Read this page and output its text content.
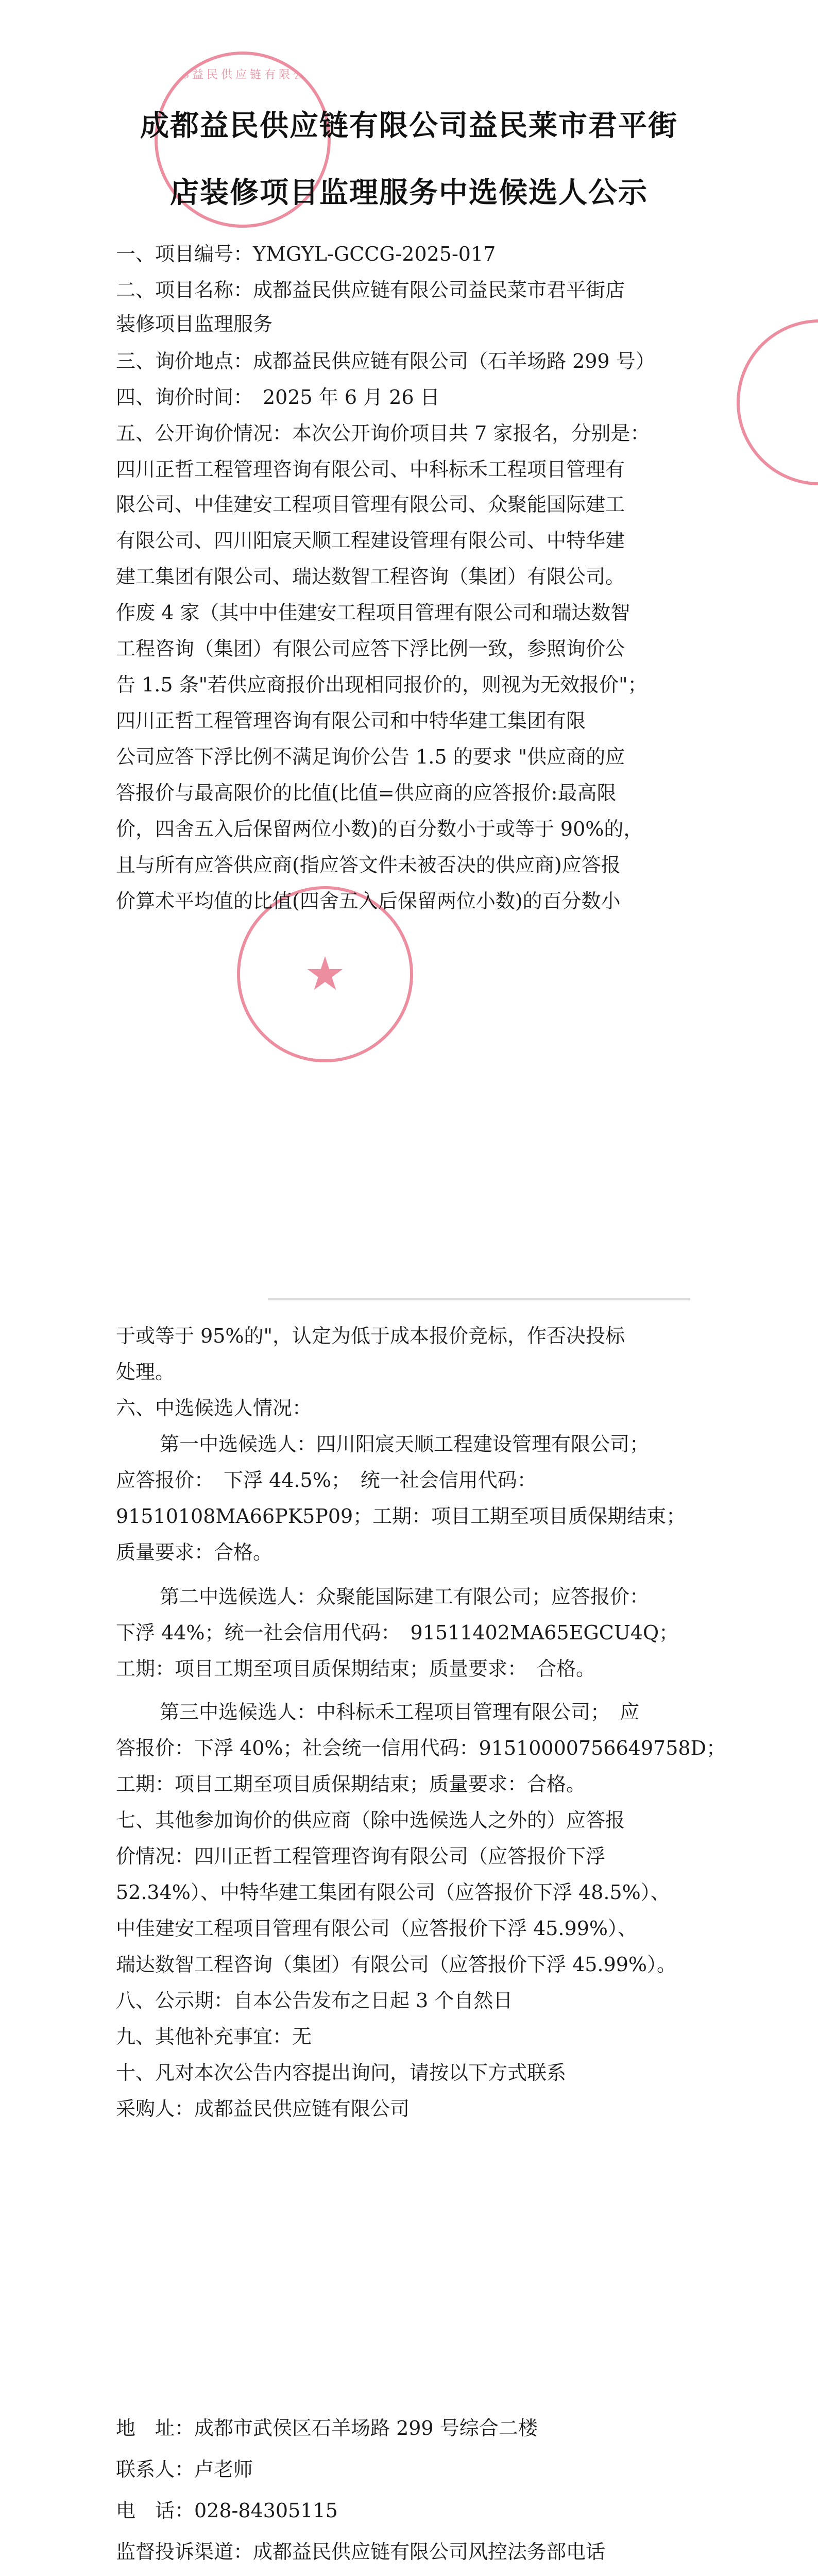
成都益民供应链有限公司
★
成都益民供应链有限公司益民莱市君平街
店装修项目监理服务中选候选人公示
一、项目编号：YMGYL-GCCG-2025-017
二、项目名称：成都益民供应链有限公司益民菜市君平街店
装修项目监理服务
三、询价地点：成都益民供应链有限公司（石羊场路 299 号）
四、询价时间：　2025 年 6 月 26 日
五、公开询价情况：本次公开询价项目共 7 家报名，分别是：
四川正哲工程管理咨询有限公司、中科标禾工程项目管理有
限公司、中佳建安工程项目管理有限公司、众聚能国际建工
有限公司、四川阳宸天顺工程建设管理有限公司、中特华建
建工集团有限公司、瑞达数智工程咨询（集团）有限公司。
作废 4 家（其中中佳建安工程项目管理有限公司和瑞达数智
工程咨询（集团）有限公司应答下浮比例一致，参照询价公
告 1.5 条"若供应商报价出现相同报价的，则视为无效报价"；
四川正哲工程管理咨询有限公司和中特华建工集团有限
公司应答下浮比例不满足询价公告 1.5 的要求 "供应商的应
答报价与最高限价的比值(比值=供应商的应答报价:最高限
价，四舍五入后保留两位小数)的百分数小于或等于 90%的，
且与所有应答供应商(指应答文件未被否决的供应商)应答报
价算术平均值的比值(四舍五入后保留两位小数)的百分数小
于或等于 95%的"，认定为低于成本报价竞标，作否决投标
处理。
六、中选候选人情况：
第一中选候选人：四川阳宸天顺工程建设管理有限公司；
应答报价：　下浮 44.5%；　统一社会信用代码：
91510108MA66PK5P09；工期：项目工期至项目质保期结束；
质量要求：合格。
第二中选候选人：众聚能国际建工有限公司；应答报价：
下浮 44%；统一社会信用代码：　91511402MA65EGCU4Q；
工期：项目工期至项目质保期结束；质量要求：　合格。
第三中选候选人：中科标禾工程项目管理有限公司；　应
答报价：下浮 40%；社会统一信用代码：91510000756649758D；
工期：项目工期至项目质保期结束；质量要求：合格。
七、其他参加询价的供应商（除中选候选人之外的）应答报
价情况：四川正哲工程管理咨询有限公司（应答报价下浮
52.34%）、中特华建工集团有限公司（应答报价下浮 48.5%）、
中佳建安工程项目管理有限公司（应答报价下浮 45.99%）、
瑞达数智工程咨询（集团）有限公司（应答报价下浮 45.99%）。
八、公示期：自本公告发布之日起 3 个自然日
九、其他补充事宜：无
十、凡对本次公告内容提出询问，请按以下方式联系
采购人：成都益民供应链有限公司
地　址：成都市武侯区石羊场路 299 号综合二楼
联系人：卢老师
电　话：028-84305115
监督投诉渠道：成都益民供应链有限公司风控法务部电话
